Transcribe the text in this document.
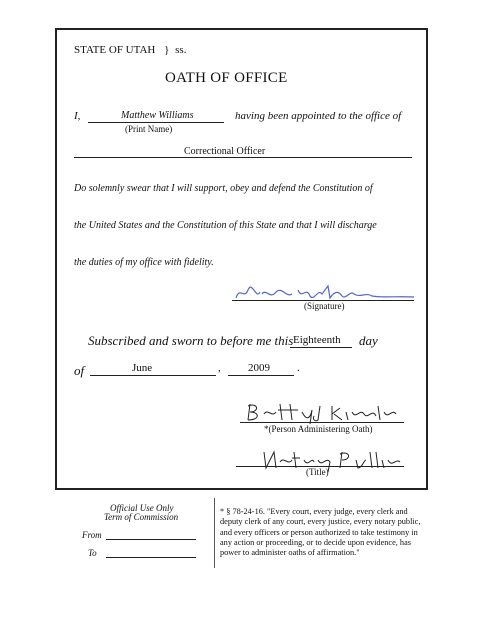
STATE OF UTAH } ss.
OATH OF OFFICE
I,	Matthew Williams
(Print Name)
having been appointed to the office of
Correctional Officer
Do solemnly swear that I will support, obey and defend the Constitution of
the United States and the Constitution of this State and that I will discharge
the duties of my office with fidelity.
(Signature)
Subscribed and sworn to before me this Eighteenth day
of	June	, 2009 .
*(Person Administering Oath)
(Title)
Official Use Only
Term of Commission
From
To
* § 78-24-16. "Every court, every judge, every clerk and
deputy clerk of any court, every justice, every notary public,
and every officers or person authorized to take testimony in
any action or proceeding, or to decide upon evidence, has
power to administer oaths of affirmation."
